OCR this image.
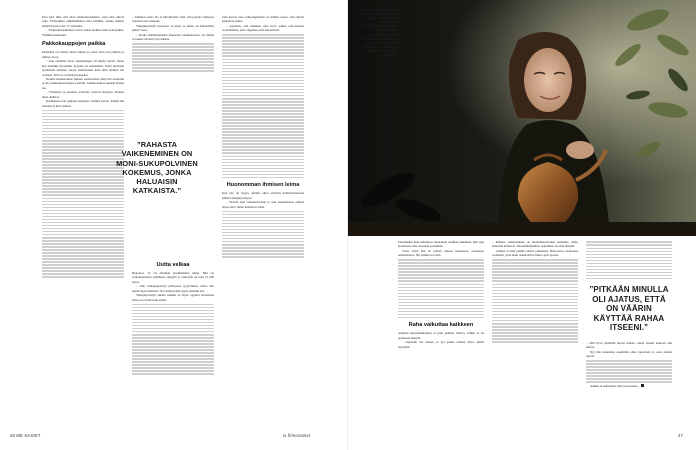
Pian kävi ilmi, että talon arkkitantasuhdetta -alon edut tulivat esiin. Esimerkiksi sähkölämmitys kävi kalliiksi, vaikka Annika lämmitti kotia vain 17-asteiseksi.

– Ylläpitokustannukset olivat samaa luokkaa kuin nettopalkka. Yhtäkkiä makoilen.

Pakkokauppojen paikka

Parisuhde oli vaihtaa alusta alkaen, ja vuosi talon osto jälkeen se päättyi eroon.

– Kun ostimme talon, asuntokauppa oli käynyt hyvin, mutta kun aloimme myymään, kysyntä oli romahtanut. Talon myyntiin kymmeniä tuhansia euroja lainoitettuna kuin mitä olimme sen ostaneet. Siltä se ei mennyt kaupaksi.

Kesken kaudenomien jälkeen asunnolaiset päätyivät asiointiin ja talo pakkohuutokauppa varattiin. Annika muutti takaisin äitinsä luo.

– Ylisäästyä ja asioiden selvittely vaativat energiaa. Tilanne alkoi ahdistaa.

Kesäkuussa talo pakkoho kaupassa. Annika kertoo. Kaikki tuli turhaksi ja kävi pahasti.

– Tammen saarta ilta ja kiitollisuutta siitä, että jossain vaiheessa tarjoutui uusi tilaisuus.

Velkajärjestelyn suojeessa on pieni, ja siihen on mahdollista päästä vasta.

– Koska elämäntoimeksi hakeuttuu pienituloisena, sai minkä se kokee olevan hyvä ratkaisu.

”RAHASTA VAIKENEMINEN ON MONI-SUKUPOLVINEN KOKEMUS, JONKA HALUAISIN KATKAISTA.”
Uutta velkaa

Helpottaa. Se oli Annikan ensimmäinen tunne. Hän sai velkajärjestelyn päätöksen syksyllä ja velkojilla on noin 10 000 euroa.

– Olin velkajärjestelyn päättyessä tyytyväinen, mutta silti tuntui myös haikealta. Nyt minun pitää oppia elämään itse.

Velkajärjestelyn aikana Annika on myös oppinut hoitamaan rahaa eri tavalla kuin ennen.

Sain kasvaa ulos velkaongelmasta ja Annika toteaa, että rahasta kannattaa puhua.

– Ajattelen, että kaikkien olisi hyvä puhua raha-asioista avoimemmin, jotta ongelmat eivät kasaantuisi.

Huonomman ihmisen leima

Kun talo oli myyty, Annika alkoi selvittää mahdollisuuttaan päästä velkajärjestelyyn.

– Varasin ajan velkaneuvojalle ja sain tapaamisessa selkeät ohjeet siitä, miten kannattaa edetä.

46 ME NAISET	is.fi/menaiset
Parikymppisenä Annikan makuun vuosiksi kaisu kai taina, mikä avasivat vuosikausien velkajärjestelyt. Nykyään hän on rahasta puhuessaan avoin ja ymmärtää, että asioita voi muuttaa. ”Raha ei ole enää tabu. Se vaikuttaa kaikkeen, jos sitä ei ymmärrä.”

Ensemmäin kuin kuluttuvat muutaman Annikan elämässä, hän oppi hoitamaan raha-asioitaan paremmin.

Vuosi sitten hän oli jälleen tutussa tilanteessa, ostamassa omakotitaloa. Nyt kaikki on toisin.

Raha vaikuttaa kaikkeen

Annikan lapsuudenkodissa ei juuri puhuttu rahasta, vaikka se oli perheessä tiukalla.

– Opettelin itse kaiken, ja nyt puhun rahasta myös omille lapsilleni.

– Rahasta vaikeneminen on monisukupolvinen kokemus, jonka haluaisin katkaista. Talousnäkökulman oppiminen on ollut tärkeää.

Annika ei enää pelkää rahasta puhumista. Hän kertoo tarinaansa avoimesti, jotta muut uskaltaisivat hakea apua ajoissa.

”PITKÄÄN MINULLA OLI AJATUS, ETTÄ ON VÄÄRIN KÄYTTÄÄ RAHAA ITSEENI.”

– Olin hyvä pitämään huolta muista, mutta itseäni kohtaan olin ankara.

Nyt hän kuuntelee enemmän omia tarpeitaan ja osaa nauttia arjesta.

Annika ei enää halua elää pelon kautta.

47
